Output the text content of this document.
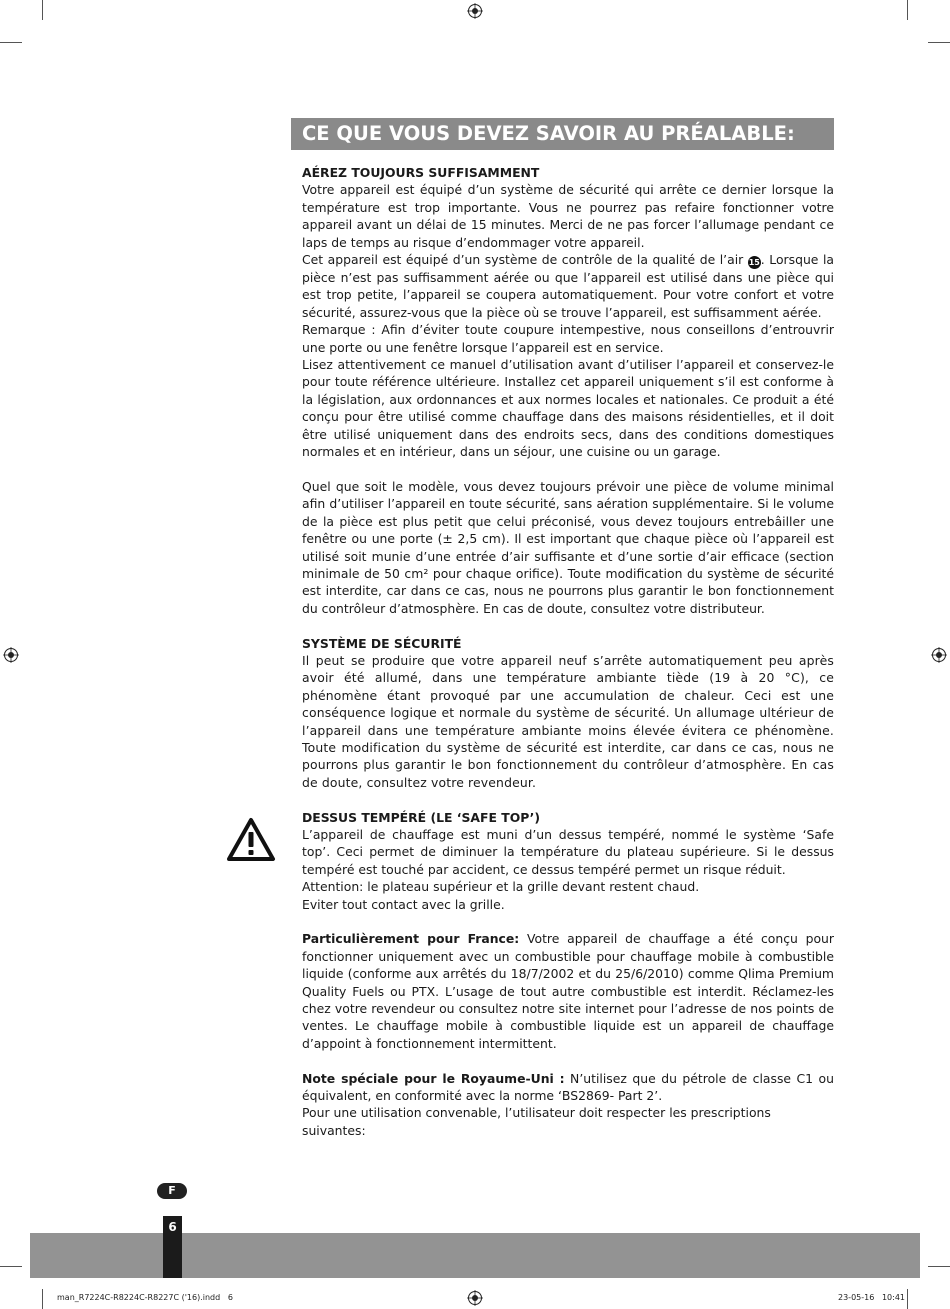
CE QUE VOUS DEVEZ SAVOIR AU PRÉALABLE:
AÉREZ TOUJOURS SUFFISAMMENT

Votre appareil est équipé d’un système de sécurité qui arrête ce dernier lorsque la température est trop importante. Vous ne pourrez pas refaire fonctionner votre appareil avant un délai de 15 minutes. Merci de ne pas forcer l’allumage pendant ce laps de temps au risque d’endommager votre appareil.

Cet appareil est équipé d’un système de contrôle de la qualité de l’air 15. Lorsque la pièce n’est pas suffisamment aérée ou que l’appareil est utilisé dans une pièce qui est trop petite, l’appareil se coupera automatiquement. Pour votre confort et votre sécurité, assurez-vous que la pièce où se trouve l’appareil, est suffisamment aérée.

Remarque : Afin d’éviter toute coupure intempestive, nous conseillons d’entrouvrir une porte ou une fenêtre lorsque l’appareil est en service.

Lisez attentivement ce manuel d’utilisation avant d’utiliser l’appareil et conservez-le pour toute référence ultérieure. Installez cet appareil uniquement s’il est conforme à la législation, aux ordonnances et aux normes locales et nationales. Ce produit a été conçu pour être utilisé comme chauffage dans des maisons résidentielles, et il doit être utilisé uniquement dans des endroits secs, dans des conditions domestiques normales et en intérieur, dans un séjour, une cuisine ou un garage.

Quel que soit le modèle, vous devez toujours prévoir une pièce de volume minimal afin d’utiliser l’appareil en toute sécurité, sans aération supplémentaire. Si le volume de la pièce est plus petit que celui préconisé, vous devez toujours entrebâiller une fenêtre ou une porte (± 2,5 cm). Il est important que chaque pièce où l’appareil est utilisé soit munie d’une entrée d’air suffisante et d’une sortie d’air efficace (section minimale de 50 cm² pour chaque orifice). Toute modification du système de sécurité est interdite, car dans ce cas, nous ne pourrons plus garantir le bon fonctionnement du contrôleur d’atmosphère. En cas de doute, consultez votre distributeur.

SYSTÈME DE SÉCURITÉ

Il peut se produire que votre appareil neuf s’arrête automatiquement peu après avoir été allumé, dans une température ambiante tiède (19 à 20 °C), ce phénomène étant provoqué par une accumulation de chaleur. Ceci est une conséquence logique et normale du système de sécurité. Un allumage ultérieur de l’appareil dans une température ambiante moins élevée évitera ce phénomène. Toute modification du système de sécurité est interdite, car dans ce cas, nous ne pourrons plus garantir le bon fonctionnement du contrôleur d’atmosphère. En cas de doute, consultez votre revendeur.

DESSUS TEMPÉRÉ (LE ‘SAFE TOP’)

L’appareil de chauffage est muni d’un dessus tempéré, nommé le système ‘Safe top’. Ceci permet de diminuer la température du plateau supérieure. Si le dessus tempéré est touché par accident, ce dessus tempéré permet un risque réduit.

Attention: le plateau supérieur et la grille devant restent chaud.

Eviter tout contact avec la grille.

Particulièrement pour France: Votre appareil de chauffage a été conçu pour fonctionner uniquement avec un combustible pour chauffage mobile à combustible liquide (conforme aux arrêtés du 18/7/2002 et du 25/6/2010) comme Qlima Premium Quality Fuels ou PTX. L’usage de tout autre combustible est interdit. Réclamez-les chez votre revendeur ou consultez notre site internet pour l’adresse de nos points de ventes. Le chauffage mobile à combustible liquide est un appareil de chauffage d’appoint à fonctionnement intermittent.

Note spéciale pour le Royaume-Uni : N’utilisez que du pétrole de classe C1 ou équivalent, en conformité avec la norme ‘BS2869- Part 2’.

Pour une utilisation convenable, l’utilisateur doit respecter les prescriptions suivantes:

F
6
man_R7224C-R8224C-R8227C ('16).indd   6	23-05-16   10:41
